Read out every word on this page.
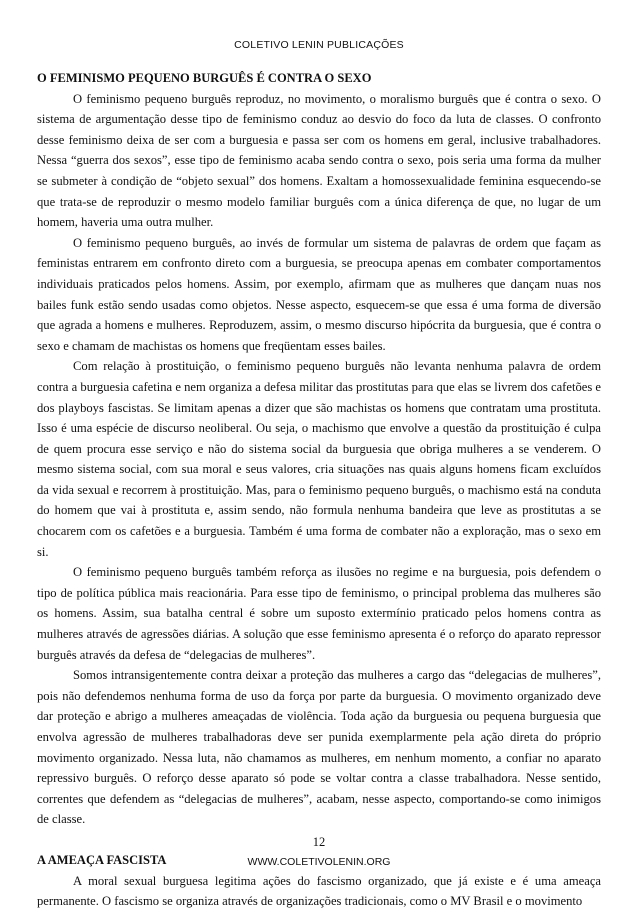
COLETIVO LENIN PUBLICAÇÕES
O FEMINISMO PEQUENO BURGUÊS É CONTRA O SEXO

O feminismo pequeno burguês reproduz, no movimento, o moralismo burguês que é contra o sexo. O sistema de argumentação desse tipo de feminismo conduz ao desvio do foco da luta de classes. O confronto desse feminismo deixa de ser com a burguesia e passa ser com os homens em geral, inclusive trabalhadores. Nessa “guerra dos sexos”, esse tipo de feminismo acaba sendo contra o sexo, pois seria uma forma da mulher se submeter à condição de “objeto sexual” dos homens. Exaltam a homossexualidade feminina esquecendo-se que trata-se de reproduzir o mesmo modelo familiar burguês com a única diferença de que, no lugar de um homem, haveria uma outra mulher.

O feminismo pequeno burguês, ao invés de formular um sistema de palavras de ordem que façam as feministas entrarem em confronto direto com a burguesia, se preocupa apenas em combater comportamentos individuais praticados pelos homens. Assim, por exemplo, afirmam que as mulheres que dançam nuas nos bailes funk estão sendo usadas como objetos. Nesse aspecto, esquecem-se que essa é uma forma de diversão que agrada a homens e mulheres. Reproduzem, assim, o mesmo discurso hipócrita da burguesia, que é contra o sexo e chamam de machistas os homens que freqüentam esses bailes.

Com relação à prostituição, o feminismo pequeno burguês não levanta nenhuma palavra de ordem contra a burguesia cafetina e nem organiza a defesa militar das prostitutas para que elas se livrem dos cafetões e dos playboys fascistas. Se limitam apenas a dizer que são machistas os homens que contratam uma prostituta. Isso é uma espécie de discurso neoliberal. Ou seja, o machismo que envolve a questão da prostituição é culpa de quem procura esse serviço e não do sistema social da burguesia que obriga mulheres a se venderem. O mesmo sistema social, com sua moral e seus valores, cria situações nas quais alguns homens ficam excluídos da vida sexual e recorrem à prostituição. Mas, para o feminismo pequeno burguês, o machismo está na conduta do homem que vai à prostituta e, assim sendo, não formula nenhuma bandeira que leve as prostitutas a se chocarem com os cafetões e a burguesia. Também é uma forma de combater não a exploração, mas o sexo em si.

O feminismo pequeno burguês também reforça as ilusões no regime e na burguesia, pois defendem o tipo de política pública mais reacionária. Para esse tipo de feminismo, o principal problema das mulheres são os homens. Assim, sua batalha central é sobre um suposto extermínio praticado pelos homens contra as mulheres através de agressões diárias. A solução que esse feminismo apresenta é o reforço do aparato repressor burguês através da defesa de “delegacias de mulheres”.

Somos intransigentemente contra deixar a proteção das mulheres a cargo das “delegacias de mulheres”, pois não defendemos nenhuma forma de uso da força por parte da burguesia. O movimento organizado deve dar proteção e abrigo a mulheres ameaçadas de violência. Toda ação da burguesia ou pequena burguesia que envolva agressão de mulheres trabalhadoras deve ser punida exemplarmente pela ação direta do próprio movimento organizado. Nessa luta, não chamamos as mulheres, em nenhum momento, a confiar no aparato repressivo burguês. O reforço desse aparato só pode se voltar contra a classe trabalhadora. Nesse sentido, correntes que defendem as “delegacias de mulheres”, acabam, nesse aspecto, comportando-se como inimigos de classe.

A AMEAÇA FASCISTA

A moral sexual burguesa legitima ações do fascismo organizado, que já existe e é uma ameaça permanente. O fascismo se organiza através de organizações tradicionais, como o MV Brasil e o movimento

12
WWW.COLETIVOLENIN.ORG
